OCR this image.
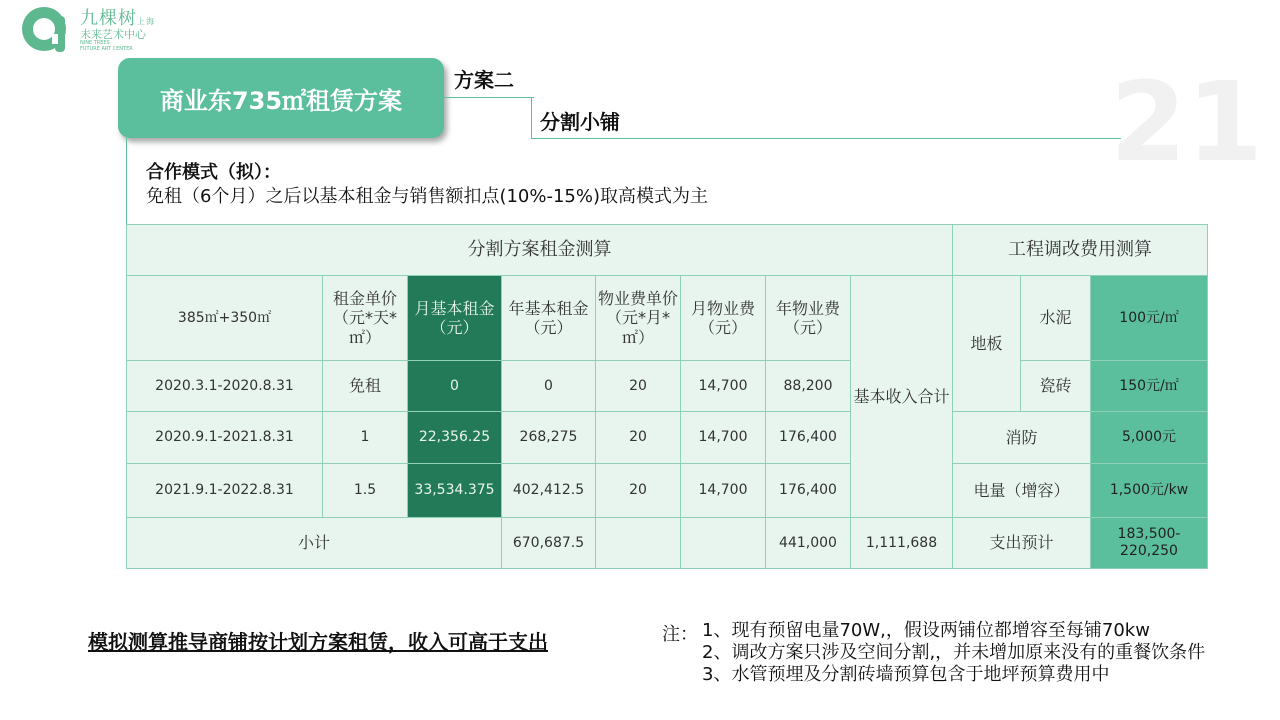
九棵树上海
未来艺术中心
NINE TREES
FUTURE ART CENTER
商业东735㎡租赁方案
方案二
分割小铺	21
合作模式（拟）：
免租（6个月）之后以基本租金与销售额扣点(10%-15%)取高模式为主
分割方案租金测算								工程调改费用测算		
385㎡+350㎡	租金单价（元*天*㎡）	月基本租金（元）	年基本租金（元）	物业费单价（元*月*㎡）	月物业费（元）	年物业费（元）	基本收入合计	地板	水泥	100元/㎡
2020.3.1-2020.8.31	免租	0	0	20	14,700	88,200			瓷砖	150元/㎡
2020.9.1-2021.8.31	1	22,356.25	268,275	20	14,700	176,400		消防		5,000元
2021.9.1-2022.8.31	1.5	33,534.375	402,412.5	20	14,700	176,400		电量（增容）		1,500元/kw
小计			670,687.5			441,000	1,111,688	支出预计		183,500-220,250
模拟测算推导商铺按计划方案租赁，收入可高于支出	注： 1、现有预留电量70W,，假设两铺位都增容至每铺70kw
2、调改方案只涉及空间分割,，并未增加原来没有的重餐饮条件
3、水管预埋及分割砖墙预算包含于地坪预算费用中
